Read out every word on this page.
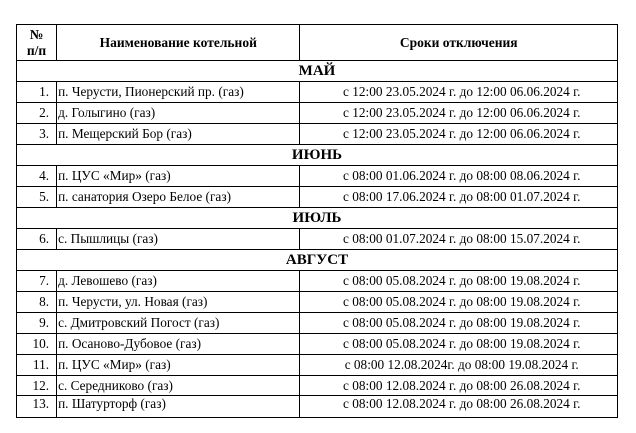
№
п/п	Наименование котельной	Сроки отключения
МАЙ		
1.	п. Черусти, Пионерский пр. (газ)	с 12:00 23.05.2024 г. до 12:00 06.06.2024 г.
2.	д. Голыгино (газ)	с 12:00 23.05.2024 г. до 12:00 06.06.2024 г.
3.	п. Мещерский Бор (газ)	с 12:00 23.05.2024 г. до 12:00 06.06.2024 г.
ИЮНЬ		
4.	п. ЦУС «Мир» (газ)	с 08:00 01.06.2024 г. до 08:00 08.06.2024 г.
5.	п. санатория Озеро Белое (газ)	с 08:00 17.06.2024 г. до 08:00 01.07.2024 г.
ИЮЛЬ		
6.	с. Пышлицы (газ)	с 08:00 01.07.2024 г. до 08:00 15.07.2024 г.
АВГУСТ		
7.	д. Левошево (газ)	с 08:00 05.08.2024 г. до 08:00 19.08.2024 г.
8.	п. Черусти, ул. Новая (газ)	с 08:00 05.08.2024 г. до 08:00 19.08.2024 г.
9.	с. Дмитровский Погост (газ)	с 08:00 05.08.2024 г. до 08:00 19.08.2024 г.
10.	п. Осаново-Дубовое (газ)	с 08:00 05.08.2024 г. до 08:00 19.08.2024 г.
11.	п. ЦУС «Мир» (газ)	с 08:00 12.08.2024г. до 08:00 19.08.2024 г.
12.	с. Середниково (газ)	с 08:00 12.08.2024 г. до 08:00 26.08.2024 г.
13.	п. Шатурторф (газ)	с 08:00 12.08.2024 г. до 08:00 26.08.2024 г.
